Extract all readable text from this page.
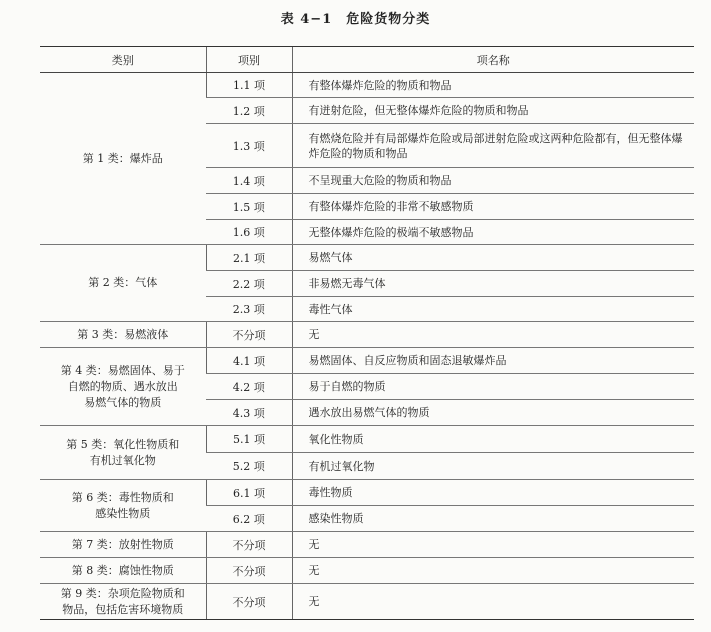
表 4−1　危险货物分类
类别	项别	项名称
第 1 类：爆炸品	1.1 项	有整体爆炸危险的物质和物品
	1.2 项	有迸射危险，但无整体爆炸危险的物质和物品
	1.3 项	有燃烧危险并有局部爆炸危险或局部迸射危险或这两种危险都有，但无整体爆炸危险的物质和物品
	1.4 项	不呈现重大危险的物质和物品
	1.5 项	有整体爆炸危险的非常不敏感物质
	1.6 项	无整体爆炸危险的极端不敏感物品
第 2 类：气体	2.1 项	易燃气体
	2.2 项	非易燃无毒气体
	2.3 项	毒性气体
第 3 类：易燃液体	不分项	无
第 4 类：易燃固体、易于
自燃的物质、遇水放出
易燃气体的物质	4.1 项	易燃固体、自反应物质和固态退敏爆炸品
	4.2 项	易于自燃的物质
	4.3 项	遇水放出易燃气体的物质
第 5 类：氧化性物质和
有机过氧化物	5.1 项	氧化性物质
	5.2 项	有机过氧化物
第 6 类：毒性物质和
感染性物质	6.1 项	毒性物质
	6.2 项	感染性物质
第 7 类：放射性物质	不分项	无
第 8 类：腐蚀性物质	不分项	无
第 9 类：杂项危险物质和
物品，包括危害环境物质	不分项	无
